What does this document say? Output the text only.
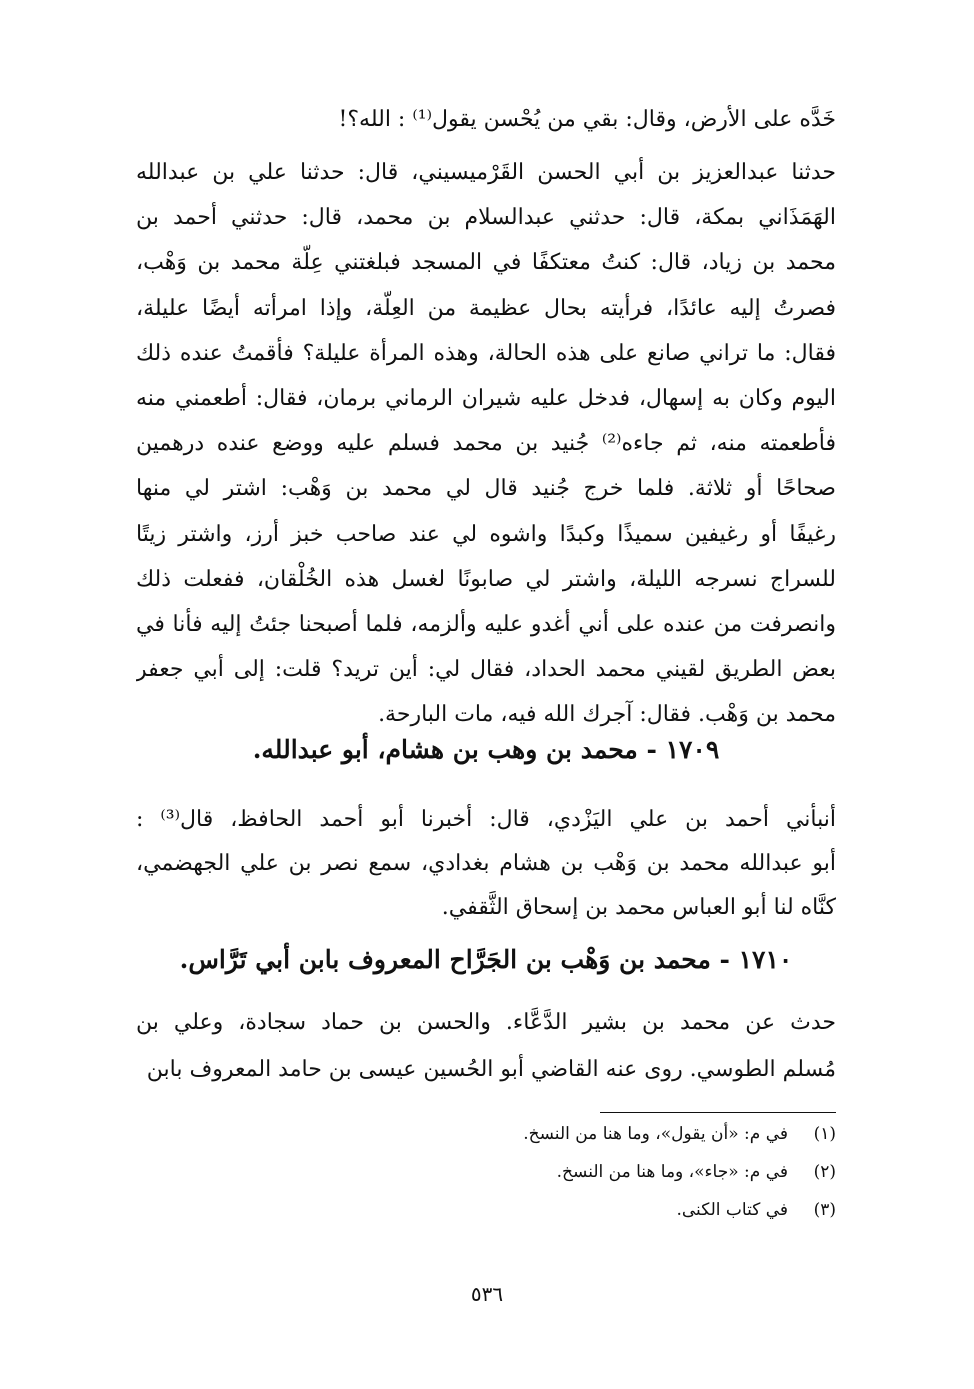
خَدَّه على الأرض، وقال: بقي من يُحْسن يقول⁽¹⁾ : الله؟!
حدثنا عبدالعزيز بن أبي الحسن القَرْميسيني، قال: حدثنا علي بن عبدالله
الهَمَذَاني بمكة، قال: حدثني عبدالسلام بن محمد، قال: حدثني أحمد بن
محمد بن زياد، قال: كنتُ معتكفًا في المسجد فبلغتني عِلّة محمد بن وَهْب،
فصرتُ إليه عائدًا، فرأيته بحال عظيمة من العِلّة، وإذا امرأته أيضًا عليلة،
فقال: ما تراني صانع على هذه الحالة، وهذه المرأة عليلة؟ فأقمتُ عنده ذلك
اليوم وكان به إسهال، فدخل عليه شيران الرماني برمان، فقال: أطعمني منه
فأطعمته منه، ثم جاءه⁽²⁾ جُنيد بن محمد فسلم عليه ووضع عنده درهمين
صحاحًا أو ثلاثة. فلما خرج جُنيد قال لي محمد بن وَهْب: اشتر لي منها
رغيفًا أو رغيفين سميذًا وكبدًا واشوه لي عند صاحب خبز أرز، واشتر زيتًا
للسراج نسرجه الليلة، واشتر لي صابونًا لغسل هذه الخُلْقان، ففعلت ذلك
وانصرفت من عنده على أني أغدو عليه وألزمه، فلما أصبحنا جئتُ إليه فأنا في
بعض الطريق لقيني محمد الحداد، فقال لي: أين تريد؟ قلت: إلى أبي جعفر
محمد بن وَهْب. فقال: آجرك الله فيه، مات البارحة.
١٧٠٩ - محمد بن وهب بن هشام، أبو عبدالله.
أنبأني أحمد بن علي اليَزْدي، قال: أخبرنا أبو أحمد الحافظ، قال⁽³⁾ :
أبو عبدالله محمد بن وَهْب بن هشام بغدادي، سمع نصر بن علي الجهضمي،
كنَّاه لنا أبو العباس محمد بن إسحاق الثَّقفي.
١٧١٠ - محمد بن وَهْب بن الجَرَّاح المعروف بابن أبي تَرَّاس.
حدث عن محمد بن بشير الدَّعَّاء. والحسن بن حماد سجادة، وعلي بن
مُسلم الطوسي. روى عنه القاضي أبو الحُسين عيسى بن حامد المعروف بابن
(١)في م: «أن يقول»، وما هنا من النسخ.
(٢)في م: «جاء»، وما هنا من النسخ.
(٣)في كتاب الكنى.
٥٣٦
